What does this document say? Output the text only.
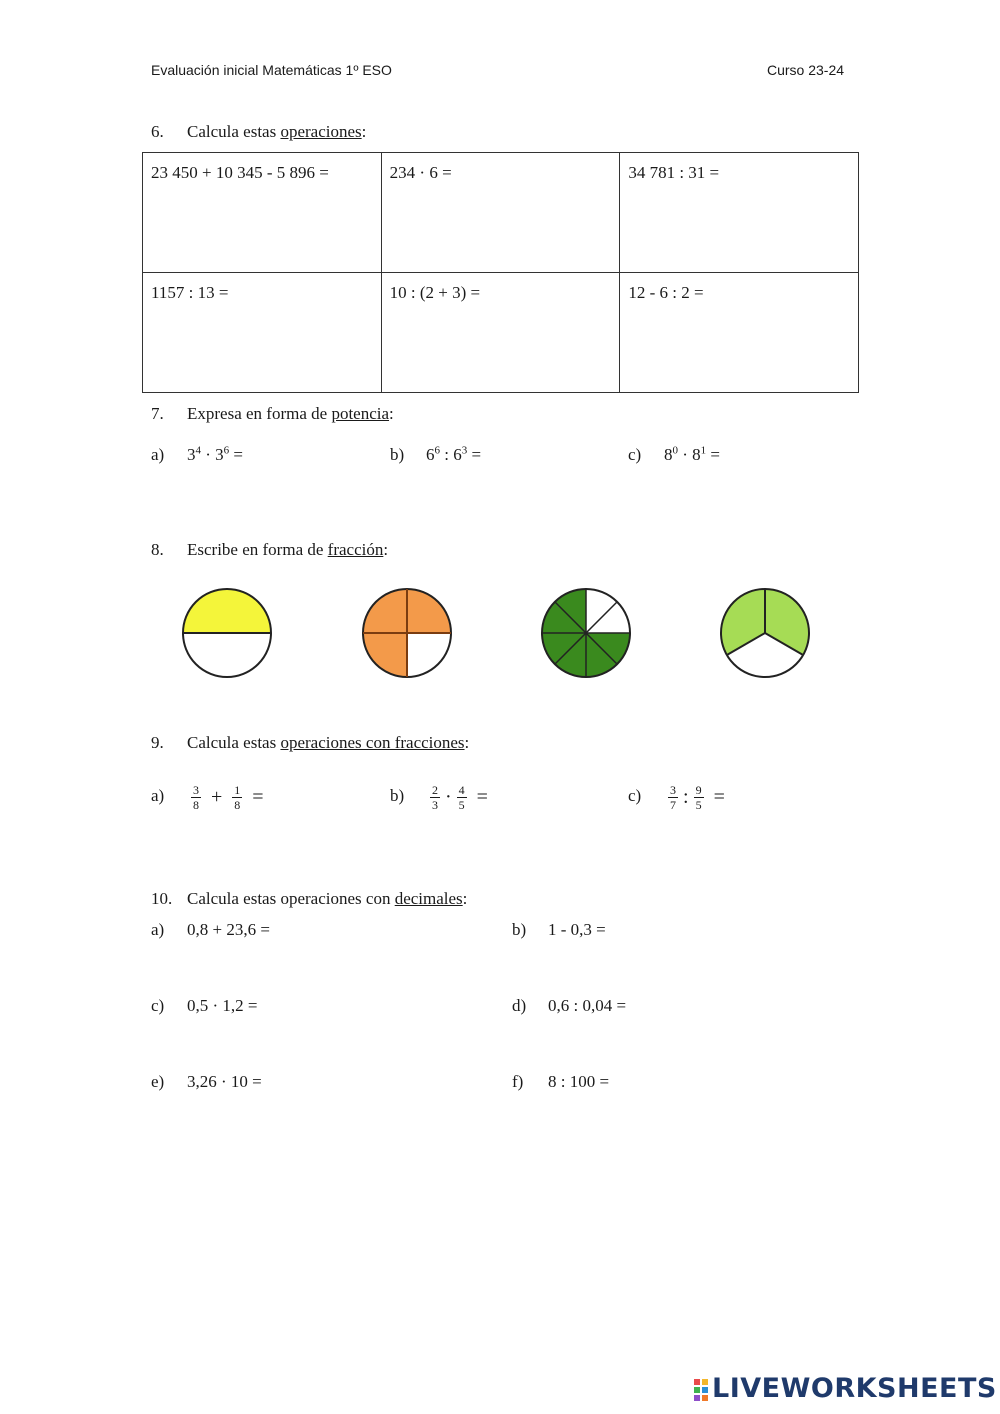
Evaluación inicial Matemáticas 1º ESO	Curso 23-24
6. Calcula estas operaciones:
23 450 + 10 345 - 5 896 =	234 · 6 =	34 781 : 31 =
1157 : 13 =	10 : (2 + 3) =	12 - 6 : 2 =
7. Expresa en forma de potencia:
a) $3^4 \cdot 3^6$ =	b) $6^6$ : $6^3$ =	c) $8^0 \cdot 8^1$ =
8. Escribe en forma de fracción:
9. Calcula estas operaciones con fracciones:
$a) \frac{3}{8} + \frac{1}{8}$ =	$b) \frac{2}{3} \cdot \frac{4}{5}$ =	$c) \frac{3}{7}$ : $\frac{9}{5}$ =
10. Calcula estas operaciones con decimales:
a) 0,8 + 23,6 =	b) 1 - 0,3 =
c) 0,5 · 1,2 =	d) 0,6 : 0,04 =
e) 3,26 · 10 =	f) 8 : 100 =
LIVEWORKSHEETS
